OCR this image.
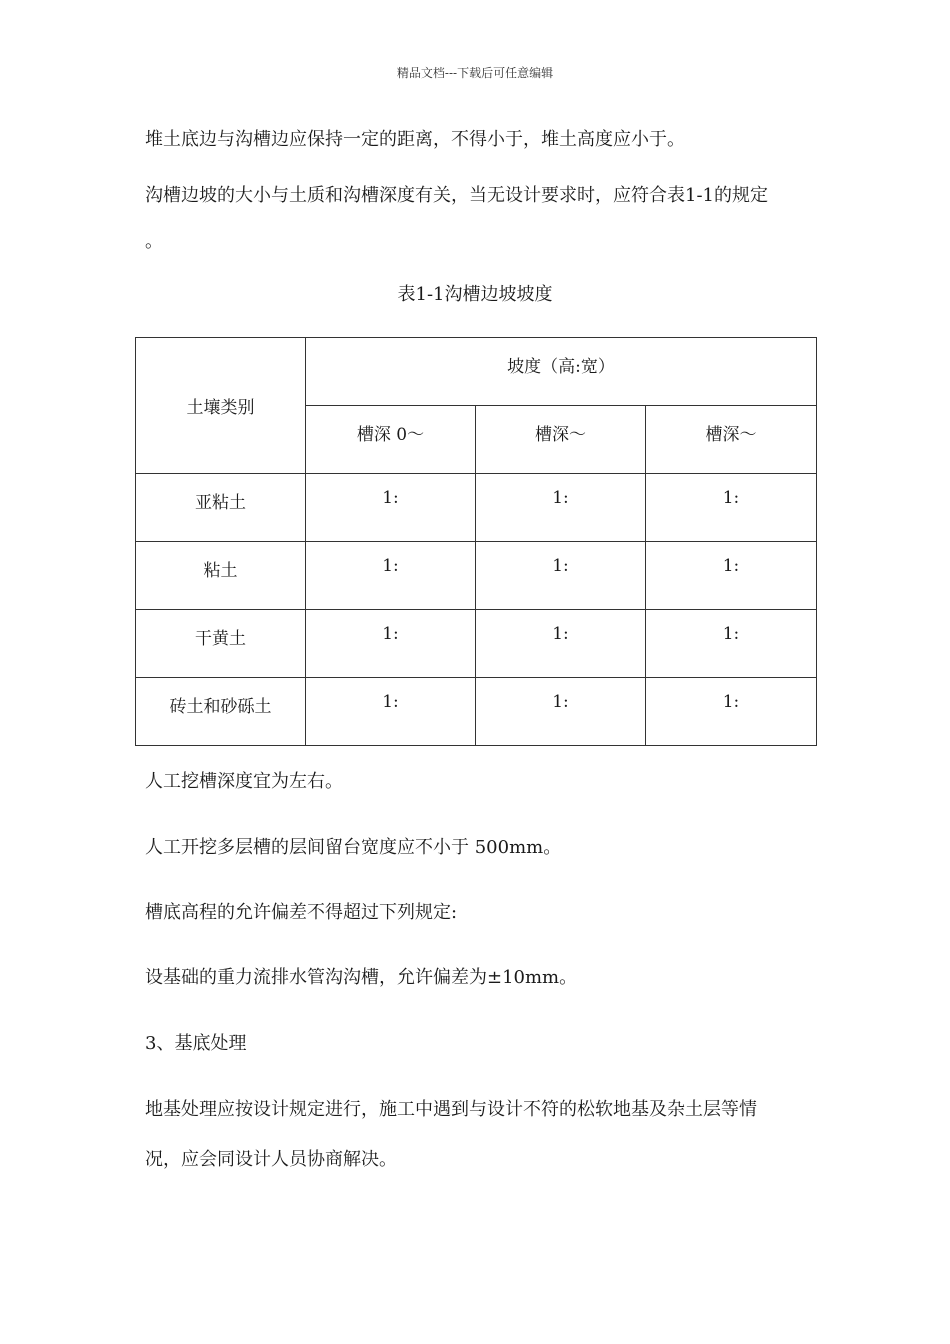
精品文档---下载后可任意编辑
堆土底边与沟槽边应保持一定的距离，不得小于，堆土高度应小于。
沟槽边坡的大小与土质和沟槽深度有关，当无设计要求时，应符合表1-1的规定
。
表1-1沟槽边坡坡度
土壤类别	坡度（高:宽）		
	槽深 0～	槽深～	槽深～
亚粘土	1:	1:	1:
粘土	1:	1:	1:
干黄土	1:	1:	1:
砖土和砂砾土	1:	1:	1:
人工挖槽深度宜为左右。
人工开挖多层槽的层间留台宽度应不小于 500mm。
槽底高程的允许偏差不得超过下列规定:
设基础的重力流排水管沟沟槽，允许偏差为±10mm。
3、基底处理
地基处理应按设计规定进行，施工中遇到与设计不符的松软地基及杂土层等情
况，应会同设计人员协商解决。
